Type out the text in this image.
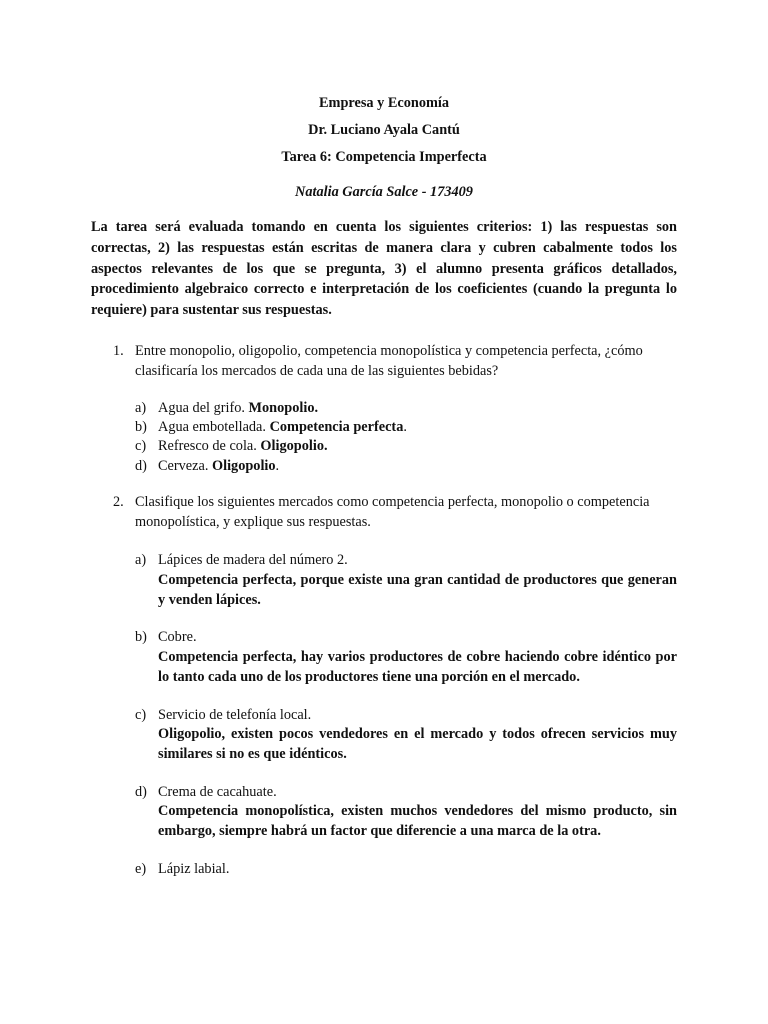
Empresa y Economía
Dr. Luciano Ayala Cantú
Tarea 6: Competencia Imperfecta
Natalia García Salce - 173409
La tarea será evaluada tomando en cuenta los siguientes criterios: 1) las respuestas son correctas, 2) las respuestas están escritas de manera clara y cubren cabalmente todos los aspectos relevantes de los que se pregunta, 3) el alumno presenta gráficos detallados, procedimiento algebraico correcto e interpretación de los coeficientes (cuando la pregunta lo requiere) para sustentar sus respuestas.
1. Entre monopolio, oligopolio, competencia monopolística y competencia perfecta, ¿cómo clasificaría los mercados de cada una de las siguientes bebidas?
a) Agua del grifo. Monopolio.
b) Agua embotellada. Competencia perfecta.
c) Refresco de cola. Oligopolio.
d) Cerveza. Oligopolio.
2. Clasifique los siguientes mercados como competencia perfecta, monopolio o competencia monopolística, y explique sus respuestas.
a) Lápices de madera del número 2.
Competencia perfecta, porque existe una gran cantidad de productores que generan y venden lápices.
b) Cobre.
Competencia perfecta, hay varios productores de cobre haciendo cobre idéntico por lo tanto cada uno de los productores tiene una porción en el mercado.
c) Servicio de telefonía local.
Oligopolio, existen pocos vendedores en el mercado y todos ofrecen servicios muy similares si no es que idénticos.
d) Crema de cacahuate.
Competencia monopolística, existen muchos vendedores del mismo producto, sin embargo, siempre habrá un factor que diferencie a una marca de la otra.
e) Lápiz labial.
